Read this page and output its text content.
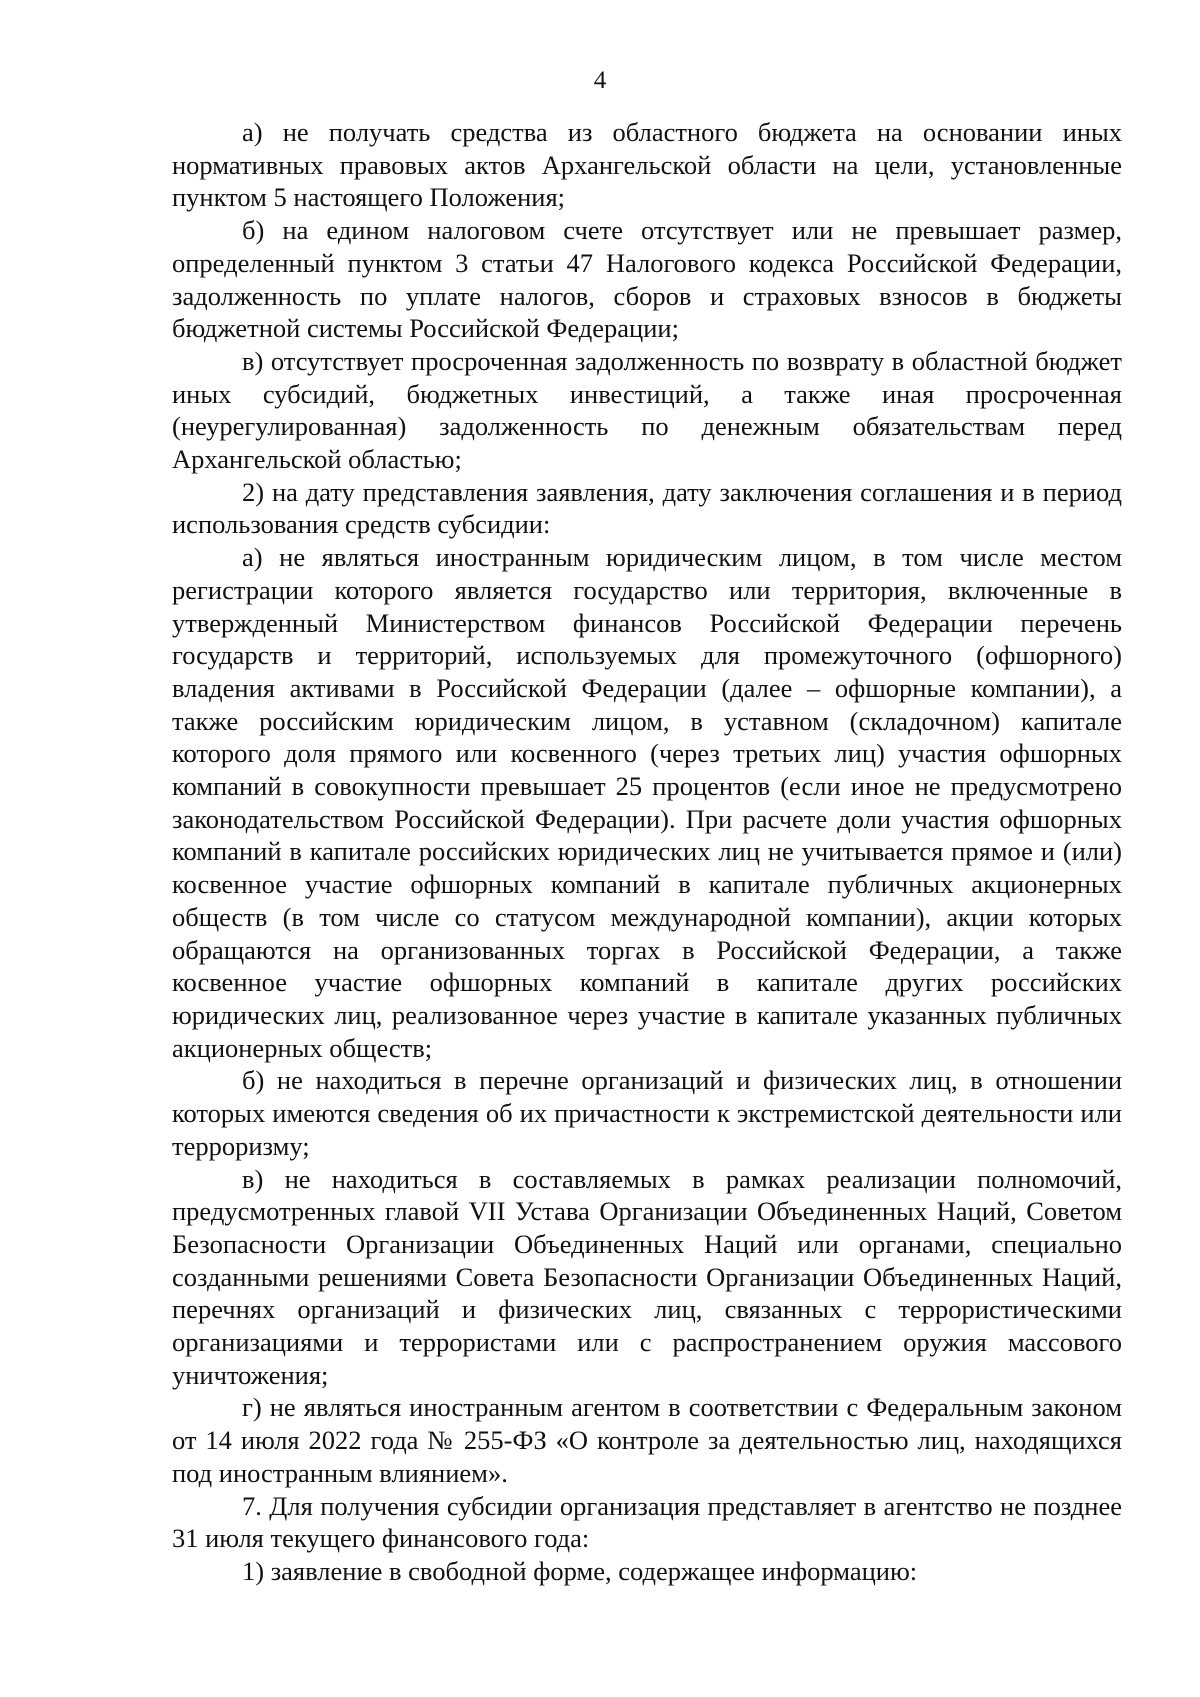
4

а) не получать средства из областного бюджета на основании иных нормативных правовых актов Архангельской области на цели, установленные пунктом 5 настоящего Положения;

б) на едином налоговом счете отсутствует или не превышает размер, определенный пунктом 3 статьи 47 Налогового кодекса Российской Федерации, задолженность по уплате налогов, сборов и страховых взносов в бюджеты бюджетной системы Российской Федерации;

в) отсутствует просроченная задолженность по возврату в областной бюджет иных субсидий, бюджетных инвестиций, а также иная просроченная (неурегулированная) задолженность по денежным обязательствам перед Архангельской областью;

2) на дату представления заявления, дату заключения соглашения и в период использования средств субсидии:

а) не являться иностранным юридическим лицом, в том числе местом регистрации которого является государство или территория, включенные в утвержденный Министерством финансов Российской Федерации перечень государств и территорий, используемых для промежуточного (офшорного) владения активами в Российской Федерации (далее – офшорные компании), а также российским юридическим лицом, в уставном (складочном) капитале которого доля прямого или косвенного (через третьих лиц) участия офшорных компаний в совокупности превышает 25 процентов (если иное не предусмотрено законодательством Российской Федерации). При расчете доли участия офшорных компаний в капитале российских юридических лиц не учитывается прямое и (или) косвенное участие офшорных компаний в капитале публичных акционерных обществ (в том числе со статусом международной компании), акции которых обращаются на организованных торгах в Российской Федерации, а также косвенное участие офшорных компаний в капитале других российских юридических лиц, реализованное через участие в капитале указанных публичных акционерных обществ;

б) не находиться в перечне организаций и физических лиц, в отношении которых имеются сведения об их причастности к экстремистской деятельности или терроризму;

в) не находиться в составляемых в рамках реализации полномочий, предусмотренных главой VII Устава Организации Объединенных Наций, Советом Безопасности Организации Объединенных Наций или органами, специально созданными решениями Совета Безопасности Организации Объединенных Наций, перечнях организаций и физических лиц, связанных с террористическими организациями и террористами или с распространением оружия массового уничтожения;

г) не являться иностранным агентом в соответствии с Федеральным законом от 14 июля 2022 года № 255-ФЗ «О контроле за деятельностью лиц, находящихся под иностранным влиянием».

7. Для получения субсидии организация представляет в агентство не позднее 31 июля текущего финансового года:

1) заявление в свободной форме, содержащее информацию:
